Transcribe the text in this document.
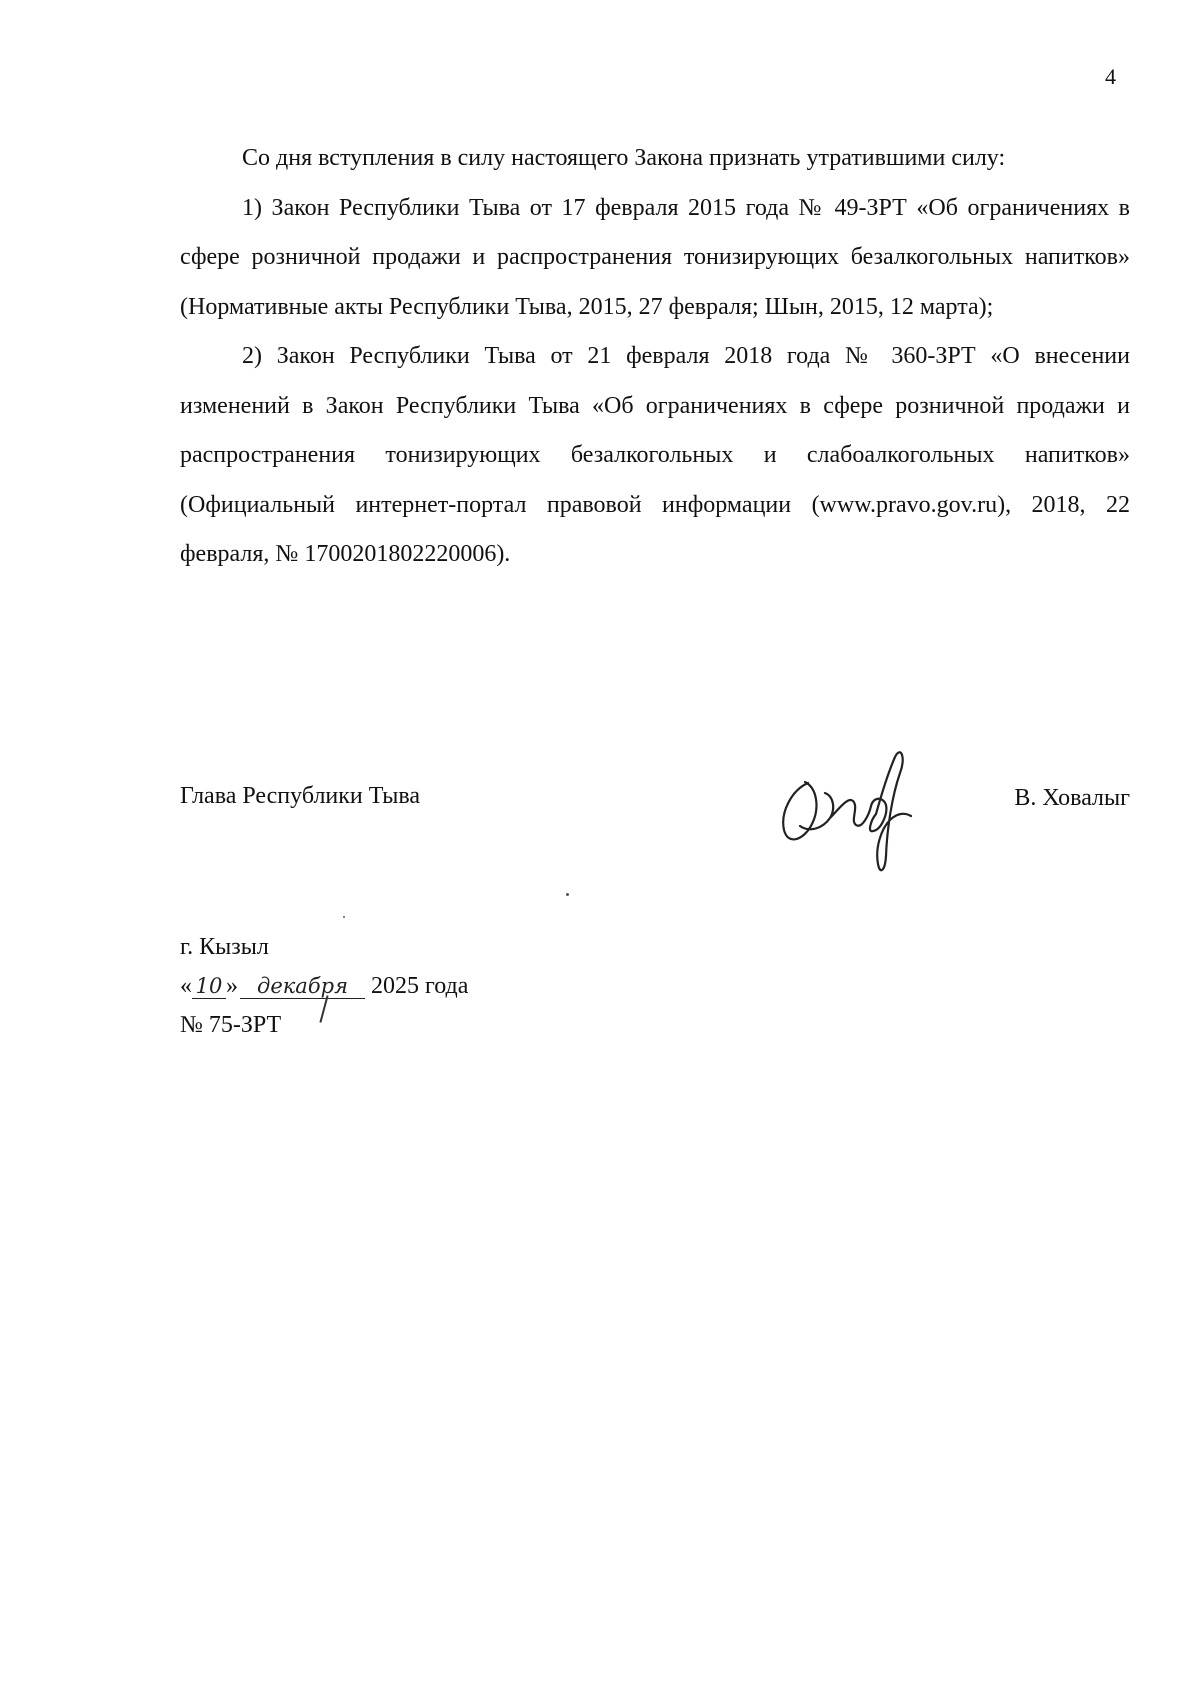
4

Со дня вступления в силу настоящего Закона признать утратившими силу:

1) Закон Республики Тыва от 17 февраля 2015 года № 49-ЗРТ «Об ограничениях в сфере розничной продажи и распространения тонизирующих безалкогольных напитков» (Нормативные акты Республики Тыва, 2015, 27 февраля; Шын, 2015, 12 марта);

2) Закон Республики Тыва от 21 февраля 2018 года № 360-ЗРТ «О внесении изменений в Закон Республики Тыва «Об ограничениях в сфере розничной продажи и распространения тонизирующих безалкогольных и слабоалкогольных напитков» (Официальный интернет-портал правовой информации (www.pravo.gov.ru), 2018, 22 февраля, № 1700201802220006).

Глава Республики Тыва	В. Ховалыг
г. Кызыл
« 10 » декабря 2025 года
№ 75-ЗРТ
